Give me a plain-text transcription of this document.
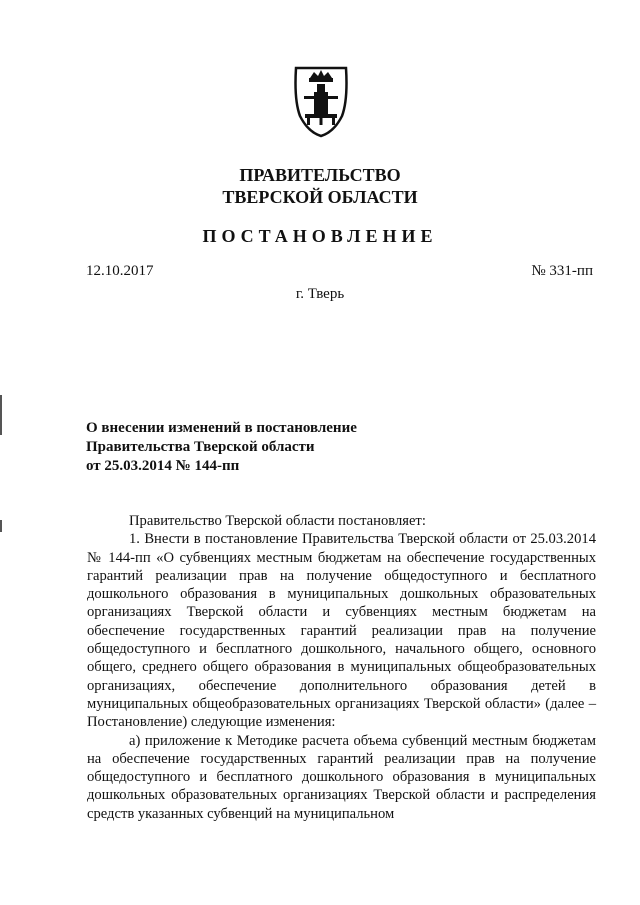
ПРАВИТЕЛЬСТВО
ТВЕРСКОЙ ОБЛАСТИ
ПОСТАНОВЛЕНИЕ
12.10.2017	№ 331-пп
г. Тверь
О внесении изменений в постановление
Правительства Тверской области
от 25.03.2014 № 144-пп

Правительство Тверской области постановляет:

1. Внести в постановление Правительства Тверской области от 25.03.2014 № 144-пп «О субвенциях местным бюджетам на обеспечение государственных гарантий реализации прав на получение общедоступного и бесплатного дошкольного образования в муниципальных дошкольных образовательных организациях Тверской области и субвенциях местным бюджетам на обеспечение государственных гарантий реализации прав на получение общедоступного и бесплатного дошкольного, начального общего, основного общего, среднего общего образования в муниципальных общеобразовательных организациях, обеспечение дополнительного образования детей в муниципальных общеобразовательных организациях Тверской области» (далее – Постановление) следующие изменения:

а) приложение к Методике расчета объема субвенций местным бюджетам на обеспечение государственных гарантий реализации прав на получение общедоступного и бесплатного дошкольного образования в муниципальных дошкольных образовательных организациях Тверской области и распределения средств указанных субвенций на муниципальном
